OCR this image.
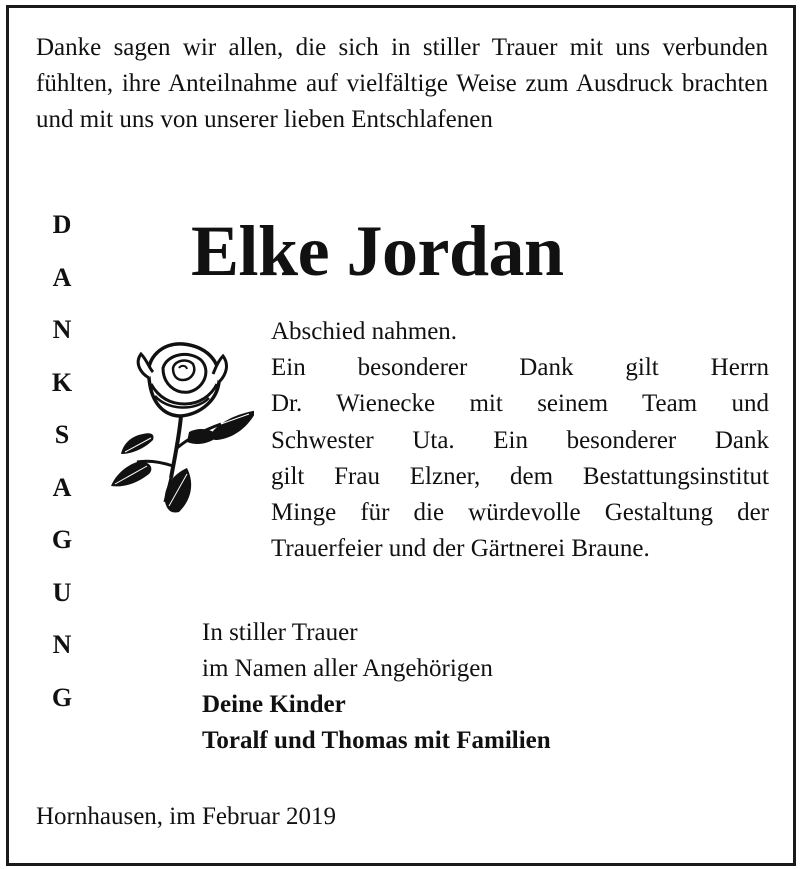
Danke sagen wir allen, die sich in stiller Trauer mit uns verbunden fühlten, ihre Anteilnahme auf vielfältige Weise zum Ausdruck brachten und mit uns von unserer lieben Entschlafenen

D
A
N
K
S
A
G
U
N
G
Elke Jordan
Abschied nahmen.
Ein besonderer Dank gilt Herrn
Dr. Wienecke mit seinem Team und
Schwester Uta. Ein besonderer Dank
gilt Frau Elzner, dem Bestattungsinstitut
Minge für die würdevolle Gestaltung der
Trauerfeier und der Gärtnerei Braune.
In stiller Trauer
im Namen aller Angehörigen
Deine Kinder
Toralf und Thomas mit Familien
Hornhausen, im Februar 2019
